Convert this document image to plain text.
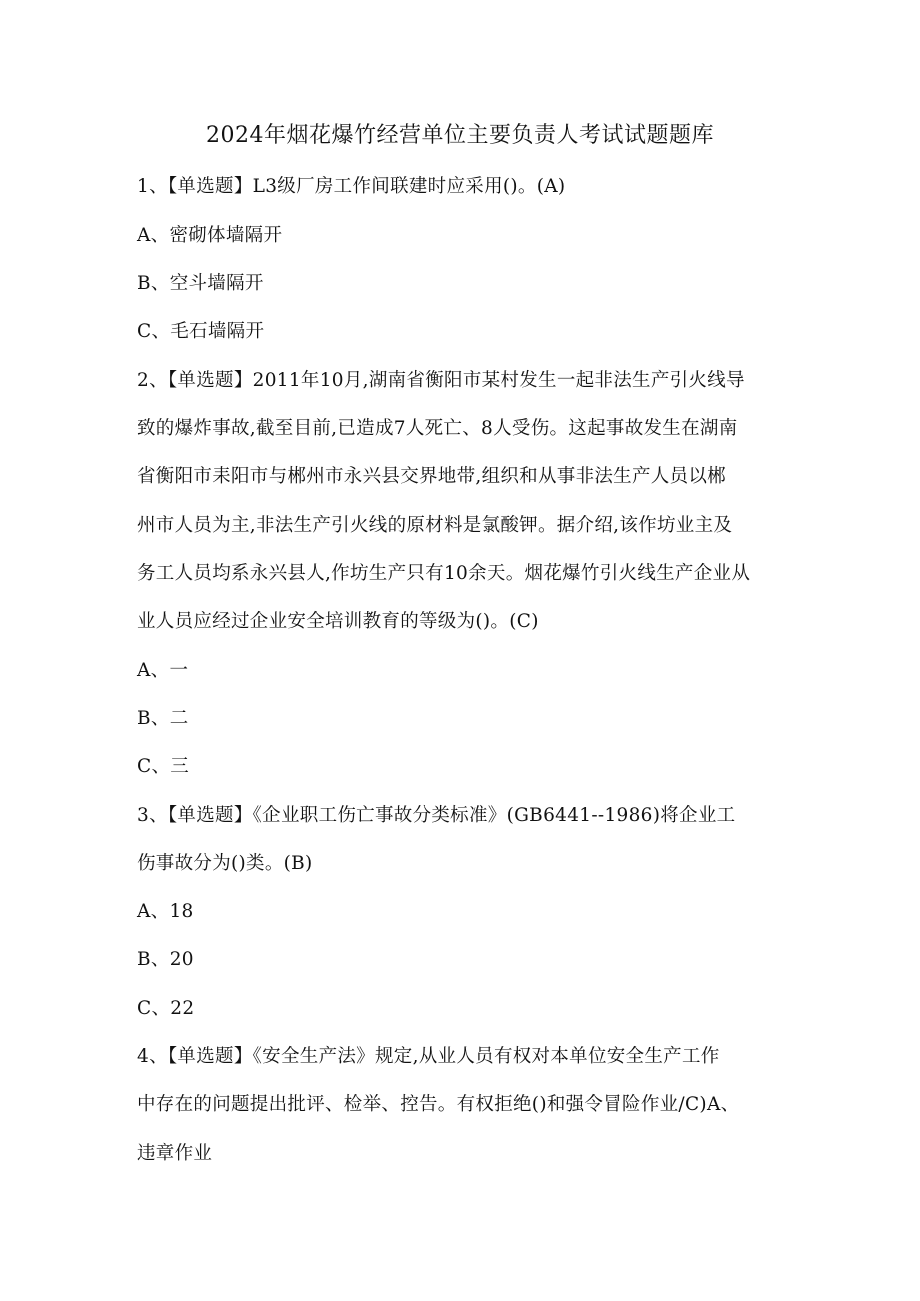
2024年烟花爆竹经营单位主要负责人考试试题题库
1、【单选题】L3级厂房工作间联建时应采用()。(A)
A、密砌体墙隔开
B、空斗墙隔开
C、毛石墙隔开
2、【单选题】2011年10月,湖南省衡阳市某村发生一起非法生产引火线导
致的爆炸事故,截至目前,已造成7人死亡、8人受伤。这起事故发生在湖南
省衡阳市耒阳市与郴州市永兴县交界地带,组织和从事非法生产人员以郴
州市人员为主,非法生产引火线的原材料是氯酸钾。据介绍,该作坊业主及
务工人员均系永兴县人,作坊生产只有10余天。烟花爆竹引火线生产企业从
业人员应经过企业安全培训教育的等级为()。(C)
A、一
B、二
C、三
3、【单选题】《企业职工伤亡事故分类标准》(GB6441--1986)将企业工
伤事故分为()类。(B)
A、18
B、20
C、22
4、【单选题】《安全生产法》规定,从业人员有权对本单位安全生产工作
中存在的问题提出批评、检举、控告。有权拒绝()和强令冒险作业/C)A、
违章作业
